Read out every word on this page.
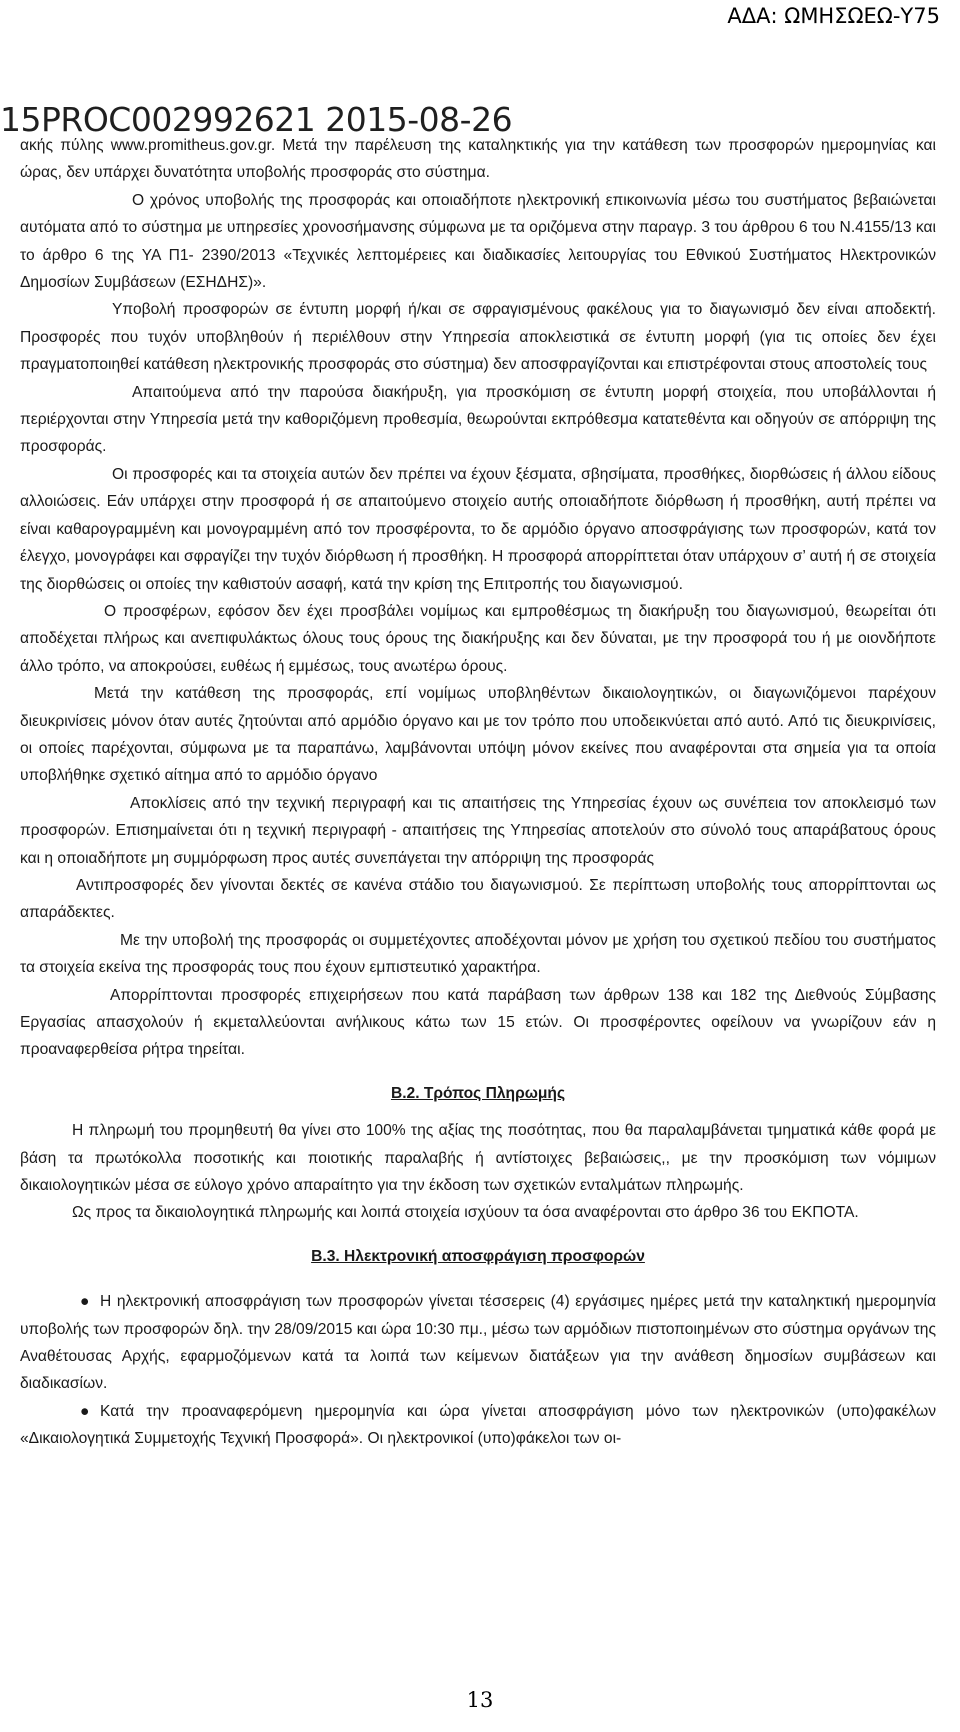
ΑΔΑ: ΩΜΗΣΩΕΩ-Υ75

ακής πύλης www.promitheus.gov.gr. Μετά την παρέλευση της καταληκτικής για την κατάθεση των προσφορών ημερομηνίας και ώρας, δεν υπάρχει δυνατότητα υποβολής προσφοράς στο σύστημα.

Ο χρόνος υποβολής της προσφοράς και οποιαδήποτε ηλεκτρονική επικοινωνία μέσω του συστήματος βεβαιώνεται αυτόματα από το σύστημα με υπηρεσίες χρονοσήμανσης σύμφωνα με τα οριζόμενα στην παραγρ. 3 του άρθρου 6 του Ν.4155/13 και το άρθρο 6 της ΥΑ Π1- 2390/2013 «Τεχνικές λεπτομέρειες και διαδικασίες λειτουργίας του Εθνικού Συστήματος Ηλεκτρονικών Δημοσίων Συμβάσεων (ΕΣΗΔΗΣ)».

Υποβολή προσφορών σε έντυπη μορφή ή/και σε σφραγισμένους φακέλους για το διαγωνισμό δεν είναι αποδεκτή. Προσφορές που τυχόν υποβληθούν ή περιέλθουν στην Υπηρεσία αποκλειστικά σε έντυπη μορφή (για τις οποίες δεν έχει πραγματοποιηθεί κατάθεση ηλεκτρονικής προσφοράς στο σύστημα) δεν αποσφραγίζονται και επιστρέφονται στους αποστολείς τους

Απαιτούμενα από την παρούσα διακήρυξη, για προσκόμιση σε έντυπη μορφή στοιχεία, που υποβάλλονται ή περιέρχονται στην Υπηρεσία μετά την καθοριζόμενη προθεσμία, θεωρούνται εκπρόθεσμα κατατεθέντα και οδηγούν σε απόρριψη της προσφοράς.

Οι προσφορές και τα στοιχεία αυτών δεν πρέπει να έχουν ξέσματα, σβησίματα, προσθήκες, διορθώσεις ή άλλου είδους αλλοιώσεις. Εάν υπάρχει στην προσφορά ή σε απαιτούμενο στοιχείο αυτής οποιαδήποτε διόρθωση ή προσθήκη, αυτή πρέπει να είναι καθαρογραμμένη και μονογραμμένη από τον προσφέροντα, το δε αρμόδιο όργανο αποσφράγισης των προσφορών, κατά τον έλεγχο, μονογράφει και σφραγίζει την τυχόν διόρθωση ή προσθήκη. Η προσφορά απορρίπτεται όταν υπάρχουν σ’ αυτή ή σε στοιχεία της διορθώσεις οι οποίες την καθιστούν ασαφή, κατά την κρίση της Επιτροπής του διαγωνισμού.

Ο προσφέρων, εφόσον δεν έχει προσβάλει νομίμως και εμπροθέσμως τη διακήρυξη του διαγωνισμού, θεωρείται ότι αποδέχεται πλήρως και ανεπιφυλάκτως όλους τους όρους της διακήρυξης και δεν δύναται, με την προσφορά του ή με οιονδήποτε άλλο τρόπο, να αποκρούσει, ευθέως ή εμμέσως, τους ανωτέρω όρους.

Μετά την κατάθεση της προσφοράς, επί νομίμως υποβληθέντων δικαιολογητικών, οι διαγωνιζόμενοι παρέχουν διευκρινίσεις μόνον όταν αυτές ζητούνται από αρμόδιο όργανο και με τον τρόπο που υποδεικνύεται από αυτό. Από τις διευκρινίσεις, οι οποίες παρέχονται, σύμφωνα με τα παραπάνω, λαμβάνονται υπόψη μόνον εκείνες που αναφέρονται στα σημεία για τα οποία υποβλήθηκε σχετικό αίτημα από το αρμόδιο όργανο

Αποκλίσεις από την τεχνική περιγραφή και τις απαιτήσεις της Υπηρεσίας έχουν ως συνέπεια τον αποκλεισμό των προσφορών. Επισημαίνεται ότι η τεχνική περιγραφή - απαιτήσεις της Υπηρεσίας αποτελούν στο σύνολό τους απαράβατους όρους και η οποιαδήποτε μη συμμόρφωση προς αυτές συνεπάγεται την απόρριψη της προσφοράς

Αντιπροσφορές δεν γίνονται δεκτές σε κανένα στάδιο του διαγωνισμού. Σε περίπτωση υποβολής τους απορρίπτονται ως απαράδεκτες.

Με την υποβολή της προσφοράς οι συμμετέχοντες αποδέχονται μόνον με χρήση του σχετικού πεδίου του συστήματος τα στοιχεία εκείνα της προσφοράς τους που έχουν εμπιστευτικό χαρακτήρα.

Απορρίπτονται προσφορές επιχειρήσεων που κατά παράβαση των άρθρων 138 και 182 της Διεθνούς Σύμβασης Εργασίας απασχολούν ή εκμεταλλεύονται ανήλικους κάτω των 15 ετών. Οι προσφέροντες οφείλουν να γνωρίζουν εάν η προαναφερθείσα ρήτρα τηρείται.

Β.2. Τρόπος Πληρωμής

Η πληρωμή του προμηθευτή θα γίνει στο 100% της αξίας της ποσότητας, που θα παραλαμβάνεται τμηματικά κάθε φορά με βάση τα πρωτόκολλα ποσοτικής και ποιοτικής παραλαβής ή αντίστοιχες βεβαιώσεις,, με την προσκόμιση των νόμιμων δικαιολογητικών μέσα σε εύλογο χρόνο απαραίτητο για την έκδοση των σχετικών ενταλμάτων πληρωμής.

Ως προς τα δικαιολογητικά πληρωμής και λοιπά στοιχεία ισχύουν τα όσα αναφέρονται στο άρθρο 36 του ΕΚΠΟΤΑ.

Β.3. Ηλεκτρονική αποσφράγιση προσφορών

● Η ηλεκτρονική αποσφράγιση των προσφορών γίνεται τέσσερεις (4) εργάσιμες ημέρες μετά την καταληκτική ημερομηνία υποβολής των προσφορών δηλ. την 28/09/2015 και ώρα 10:30 πμ., μέσω των αρμόδιων πιστοποιημένων στο σύστημα οργάνων της Αναθέτουσας Αρχής, εφαρμοζόμενων κατά τα λοιπά των κείμενων διατάξεων για την ανάθεση δημοσίων συμβάσεων και διαδικασίων.

● Κατά την προαναφερόμενη ημερομηνία και ώρα γίνεται αποσφράγιση μόνο των ηλεκτρονικών (υπο)φακέλων «Δικαιολογητικά Συμμετοχής Τεχνική Προσφορά». Οι ηλεκτρονικοί (υπο)φάκελοι των οι-

15PROC002992621 2015-08-26
13
